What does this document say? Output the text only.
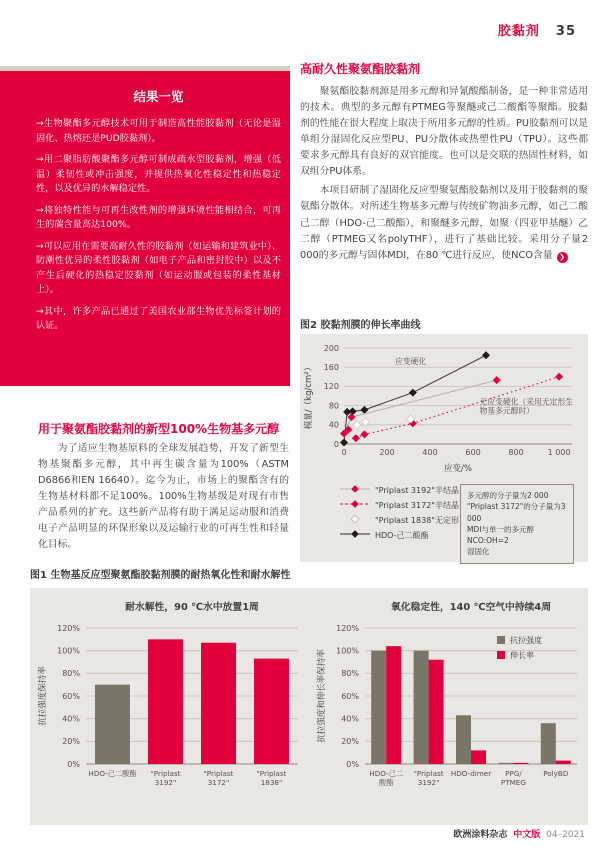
胶黏剂 35
结果一览
→生物聚酯多元醇技术可用于制造高性能胶黏剂（无论是湿固化、热熔还是PUD胶黏剂）。
→用二聚脂肪酸聚酯多元醇可制成疏水型胶黏剂，增强（低温）柔韧性或冲击强度，并提供热氧化性稳定性和热稳定性，以及优异的水解稳定性。
→将独特性能与可再生改性剂的增强环境性能相结合，可再生的碳含量高达100%。
→可以应用在需要高耐久性的胶黏剂（如运输和建筑业中）、防潮性优异的柔性胶黏剂（如电子产品和密封胶中）以及不产生后硬化的热稳定胶黏剂（如运动服或包装的柔性基材上）。
→其中，许多产品已通过了美国农业部生物优先标签计划的认证。
用于聚氨酯胶黏剂的新型100%生物基多元醇
为了适应生物基原料的全球发展趋势，开发了新型生物基聚酯多元醇，其中再生碳含量为100%（ASTM D6866和EN 16640）。迄今为止，市场上的聚酯含有的生物基材料都不足100%。100%生物基级是对现有市售产品系列的扩充。这些新产品将有助于满足运动服和消费电子产品明显的环保形象以及运输行业的可再生性和轻量化目标。
高耐久性聚氨酯胶黏剂

聚氨酯胶黏剂源是用多元醇和异氰酸酯制备，是一种非常适用的技术。典型的多元醇有PTMEG等聚醚或己二酸酯等聚酯。胶黏剂的性能在很大程度上取决于所用多元醇的性质。PU胶黏剂可以是单组分湿固化反应型PU、PU分散体或热塑性PU（TPU）。这些都要求多元醇具有良好的双官能度。也可以是交联的热固性材料，如双组分PU体系。

本项目研制了湿固化反应型聚氨酯胶黏剂以及用于胶黏剂的聚氨酯分散体。对所述生物基多元醇与传统矿物油多元醇，如己二酸己二醇（HDO-己二酸酯），和聚醚多元醇，如聚（四亚甲基醚）乙二醇（PTMEG又名polyTHF），进行了基础比较。采用分子量2 000的多元醇与固体MDI，在80 ℃进行反应，使NCO含量 ❯

图2 胶黏剂膜的伸长率曲线
0
40
80
120
160
200
0	200	400	600	800	1 000
应变硬化
无应变硬化（采用无定形生物基多元醇时）
应变/%
模量/（kg/cm²）
"Priplast 3192"半结晶
"Priplast 3172"半结晶
"Priplast 1838"无定形
HDO-己二酸酯
多元醇的分子量为2 000
"Priplast 3172"的分子量为3 000
MDI与单一的多元醇
NCO:OH=2
湿固化
图1 生物基反应型聚氨酯胶黏剂膜的耐热氧化性和耐水解性
0%
20%
40%
60%
80%
100%
120%
HDO-己二酸酯 "Priplast 3192"
"Priplast 3172"
"Priplast 1838"
耐水解性，90 ℃水中放置1周
抗拉强度保持率
0%
20%
40%
60%
80%
100%
120%
HDO-己二酸酯
"Priplast 3192"
HDO-dimer	PPG/ PTMEG
PolyBD
抗拉强度
伸长率
氧化稳定性，140 ℃空气中持续4周
抗拉强度和伸长率保持率
欧洲涂料杂志 中文版 04–2021
